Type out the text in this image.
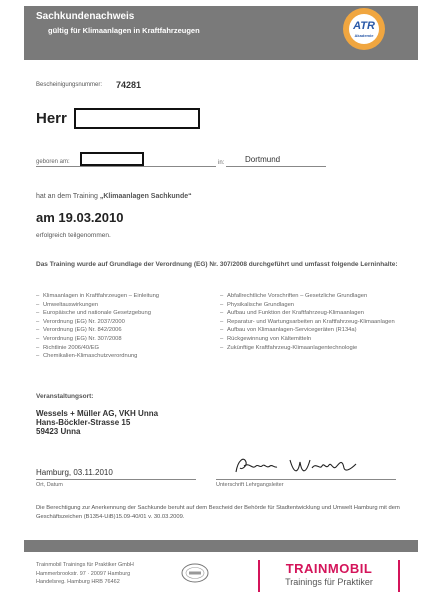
Sachkundenachweis
gültig für Klimaanlagen in Kraftfahrzeugen	ATR
Akademie
Bescheinigungsnummer: 74281
Herr
geboren am:	in:	Dortmund
hat an dem Training „Klimaanlagen Sachkunde“
am 19.03.2010
erfolgreich teilgenommen.
Das Training wurde auf Grundlage der Verordnung (EG) Nr. 307/2008 durchgeführt und umfasst folgende Lerninhalte:
– Klimaanlagen in Kraftfahrzeugen – Einleitung
– Umweltauswirkungen
– Europäische und nationale Gesetzgebung
– Verordnung (EG) Nr. 2037/2000
– Verordnung (EG) Nr. 842/2006
– Verordnung (EG) Nr. 307/2008
– Richtlinie 2006/40/EG
– Chemikalien-Klimaschutzverordnung
– Abfallrechtliche Vorschriften – Gesetzliche Grundlagen
– Physikalische Grundlagen
– Aufbau und Funktion der Kraftfahrzeug-Klimaanlagen
– Reparatur- und Wartungsarbeiten an Kraftfahrzeug-Klimaanlagen
– Aufbau von Klimaanlagen-Servicegeräten (R134a)
– Rückgewinnung von Kältemitteln
– Zukünftige Kraftfahrzeug-Klimaanlagentechnologie
Veranstaltungsort:
Wessels + Müller AG, VKH Unna
Hans-Böckler-Strasse 15
59423 Unna
Hamburg, 03.11.2010
Ort, Datum	Unterschrift Lehrgangsleiter
Die Berechtigung zur Anerkennung der Sachkunde beruht auf dem Bescheid der Behörde für Stadtentwicklung und Umwelt Hamburg mit dem Geschäftszeichen (B1354-UiB)15.09-40/01 v. 30.03.2009.
Trainmobil Trainings für Praktiker GmbH
Hammerbrookstr. 97 · 20097 Hamburg
Handelsreg. Hamburg HRB 76462
TRAINMOBIL
Trainings für Praktiker
